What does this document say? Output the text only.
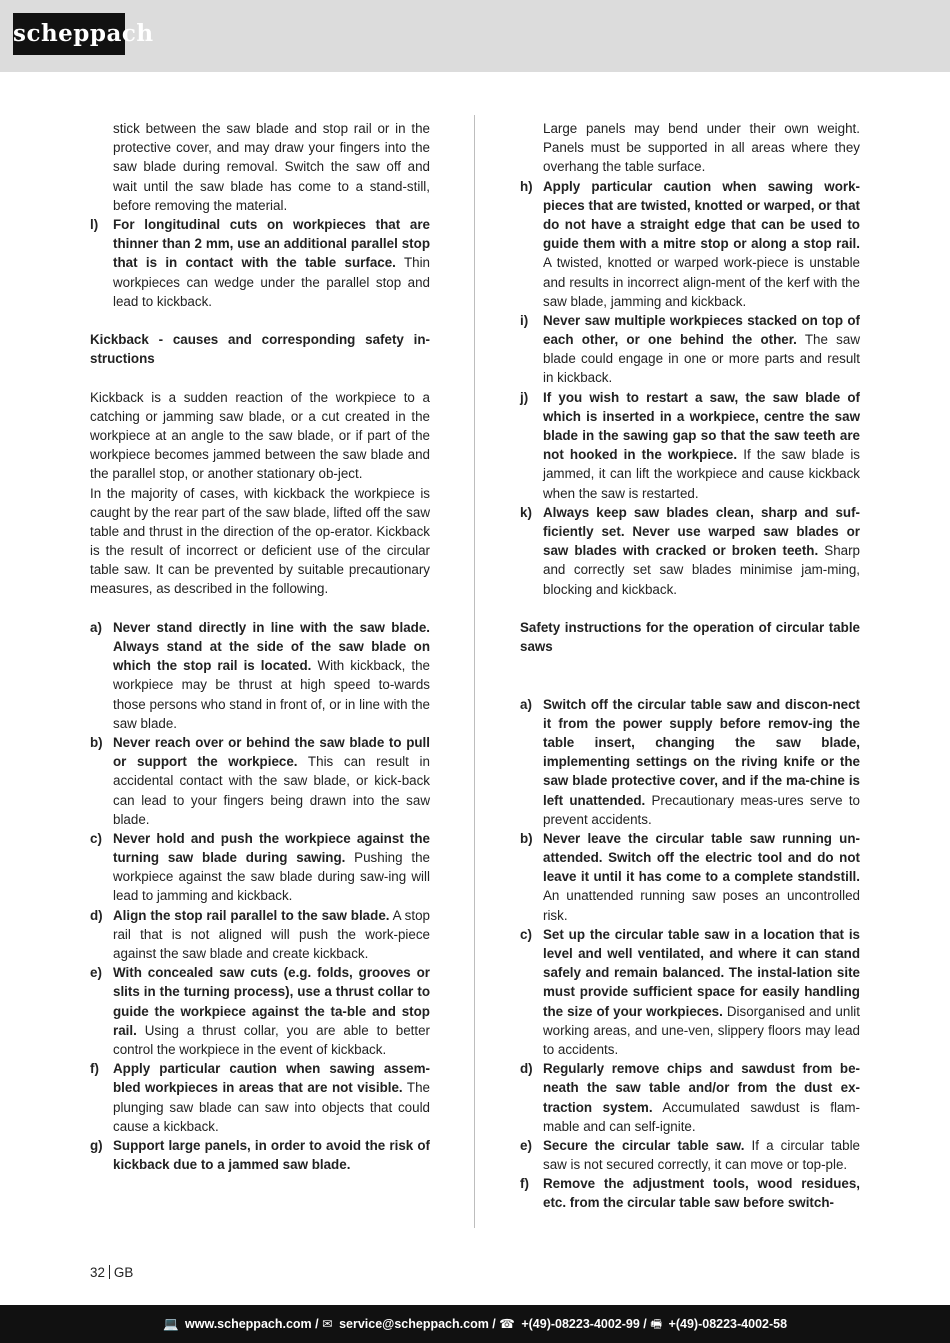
scheppach

stick between the saw blade and stop rail or in the protective cover, and may draw your fingers into the saw blade during removal. Switch the saw off and wait until the saw blade has come to a stand-still, before removing the material.

l) For longitudinal cuts on workpieces that are thinner than 2 mm, use an additional parallel stop that is in contact with the table surface. Thin workpieces can wedge under the parallel stop and lead to kickback.

Kickback - causes and corresponding safety in-structions

Kickback is a sudden reaction of the workpiece to a catching or jamming saw blade, or a cut created in the workpiece at an angle to the saw blade, or if part of the workpiece becomes jammed between the saw blade and the parallel stop, or another stationary ob-ject.

In the majority of cases, with kickback the workpiece is caught by the rear part of the saw blade, lifted off the saw table and thrust in the direction of the op-erator. Kickback is the result of incorrect or deficient use of the circular table saw. It can be prevented by suitable precautionary measures, as described in the following.

a) Never stand directly in line with the saw blade. Always stand at the side of the saw blade on which the stop rail is located. With kickback, the workpiece may be thrust at high speed to-wards those persons who stand in front of, or in line with the saw blade.
b) Never reach over or behind the saw blade to pull or support the workpiece. This can result in accidental contact with the saw blade, or kick-back can lead to your fingers being drawn into the saw blade.
c) Never hold and push the workpiece against the turning saw blade during sawing. Pushing the workpiece against the saw blade during saw-ing will lead to jamming and kickback.
d) Align the stop rail parallel to the saw blade. A stop rail that is not aligned will push the work-piece against the saw blade and create kickback.
e) With concealed saw cuts (e.g. folds, grooves or slits in the turning process), use a thrust collar to guide the workpiece against the ta-ble and stop rail. Using a thrust collar, you are able to better control the workpiece in the event of kickback.
f) Apply particular caution when sawing assem-bled workpieces in areas that are not visible. The plunging saw blade can saw into objects that could cause a kickback.
g) Support large panels, in order to avoid the risk of kickback due to a jammed saw blade.

Large panels may bend under their own weight. Panels must be supported in all areas where they overhang the table surface.

h) Apply particular caution when sawing work-pieces that are twisted, knotted or warped, or that do not have a straight edge that can be used to guide them with a mitre stop or along a stop rail. A twisted, knotted or warped work-piece is unstable and results in incorrect align-ment of the kerf with the saw blade, jamming and kickback.
i) Never saw multiple workpieces stacked on top of each other, or one behind the other. The saw blade could engage in one or more parts and result in kickback.
j) If you wish to restart a saw, the saw blade of which is inserted in a workpiece, centre the saw blade in the sawing gap so that the saw teeth are not hooked in the workpiece. If the saw blade is jammed, it can lift the workpiece and cause kickback when the saw is restarted.
k) Always keep saw blades clean, sharp and suf-ficiently set. Never use warped saw blades or saw blades with cracked or broken teeth. Sharp and correctly set saw blades minimise jam-ming, blocking and kickback.

Safety instructions for the operation of circular table saws

a) Switch off the circular table saw and discon-nect it from the power supply before remov-ing the table insert, changing the saw blade, implementing settings on the riving knife or the saw blade protective cover, and if the ma-chine is left unattended. Precautionary meas-ures serve to prevent accidents.
b) Never leave the circular table saw running un-attended. Switch off the electric tool and do not leave it until it has come to a complete standstill. An unattended running saw poses an uncontrolled risk.
c) Set up the circular table saw in a location that is level and well ventilated, and where it can stand safely and remain balanced. The instal-lation site must provide sufficient space for easily handling the size of your workpieces. Disorganised and unlit working areas, and une-ven, slippery floors may lead to accidents.
d) Regularly remove chips and sawdust from be-neath the saw table and/or from the dust ex-traction system. Accumulated sawdust is flam-mable and can self-ignite.
e) Secure the circular table saw. If a circular table saw is not secured correctly, it can move or top-ple.
f) Remove the adjustment tools, wood residues, etc. from the circular table saw before switch-
32 GB
💻 www.scheppach.com / ✉ service@scheppach.com / ☎ +(49)-08223-4002-99 / 🖷 +(49)-08223-4002-58
